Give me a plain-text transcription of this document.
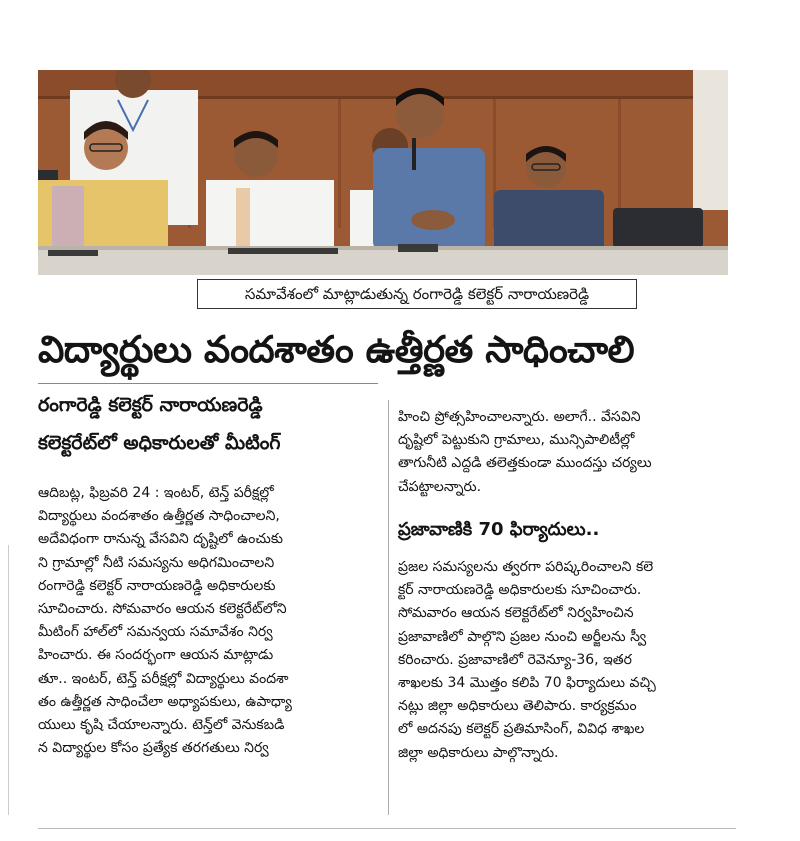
సమావేశంలో మాట్లాడుతున్న రంగారెడ్డి కలెక్టర్ నారాయణరెడ్డి
విద్యార్థులు వందశాతం ఉత్తీర్ణత సాధించాలి
రంగారెడ్డి కలెక్టర్ నారాయణరెడ్డి
కలెక్టరేట్‌లో అధికారులతో మీటింగ్
ఆదిబట్ల, ఫిబ్రవరి 24 : ఇంటర్, టెన్త్ పరీక్షల్లో
విద్యార్థులు వందశాతం ఉత్తీర్ణత సాధించాలని,
అదేవిధంగా రానున్న వేసవిని దృష్టిలో ఉంచుకు
ని గ్రామాల్లో నీటి సమస్యను అధిగమించాలని
రంగారెడ్డి కలెక్టర్ నారాయణరెడ్డి అధికారులకు
సూచించారు. సోమవారం ఆయన కలెక్టరేట్‌లోని
మీటింగ్ హాల్‌లో సమన్వయ సమావేశం నిర్వ
హించారు. ఈ సందర్భంగా ఆయన మాట్లాడు
తూ.. ఇంటర్, టెన్త్ పరీక్షల్లో విద్యార్థులు వందశా
తం ఉత్తీర్ణత సాధించేలా అధ్యాపకులు, ఉపాధ్యా
యులు కృషి చేయాలన్నారు. టెన్త్‌లో వెనుకబడి
న విద్యార్థుల కోసం ప్రత్యేక తరగతులు నిర్వ
హించి ప్రోత్సహించాలన్నారు. అలాగే.. వేసవిని
దృష్టిలో పెట్టుకుని గ్రామాలు, మున్సిపాలిటీల్లో
తాగునీటి ఎద్దడి తలెత్తకుండా ముందస్తు చర్యలు
చేపట్టాలన్నారు.
ప్రజావాణికి 70 ఫిర్యాదులు..
ప్రజల సమస్యలను త్వరగా పరిష్కరించాలని కలె
క్టర్ నారాయణరెడ్డి అధికారులకు సూచించారు.
సోమవారం ఆయన కలెక్టరేట్‌లో నిర్వహించిన
ప్రజావాణిలో పాల్గొని ప్రజల నుంచి అర్జీలను స్వీ
కరించారు. ప్రజావాణిలో రెవెన్యూ-36, ఇతర
శాఖలకు 34 మొత్తం కలిపి 70 ఫిర్యాదులు వచ్చి
నట్లు జిల్లా అధికారులు తెలిపారు. కార్యక్రమం
లో అదనపు కలెక్టర్ ప్రతిమాసింగ్, వివిధ శాఖల
జిల్లా అధికారులు పాల్గొన్నారు.
